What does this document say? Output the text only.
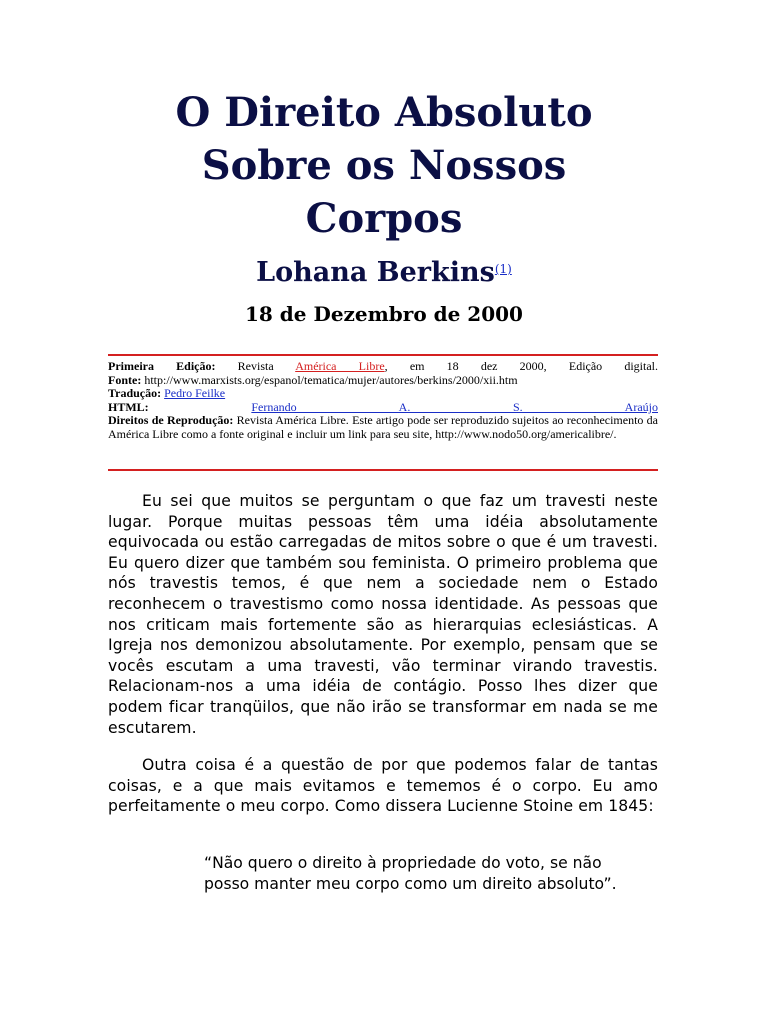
O Direito Absoluto
Sobre os Nossos
Corpos
Lohana Berkins$^{(1)}$
18 de Dezembro de 2000
Primeira Edição: Revista América Libre, em 18 dez 2000, Edição digital.
Fonte: http://www.marxists.org/espanol/tematica/mujer/autores/berkins/2000/xii.htm
Tradução: Pedro Feilke
HTML:	Fernando A. S. Araújo
Direitos de Reprodução: Revista América Libre. Este artigo pode ser reproduzido sujeitos ao reconhecimento da América Libre como a fonte original e incluir um link para seu site, http://www.nodo50.org/americalibre/.

Eu sei que muitos se perguntam o que faz um travesti neste lugar. Porque muitas pessoas têm uma idéia absolutamente equivocada ou estão carregadas de mitos sobre o que é um travesti. Eu quero dizer que também sou feminista. O primeiro problema que nós travestis temos, é que nem a sociedade nem o Estado reconhecem o travestismo como nossa identidade. As pessoas que nos criticam mais fortemente são as hierarquias eclesiásticas. A Igreja nos demonizou absolutamente. Por exemplo, pensam que se vocês escutam a uma travesti, vão terminar virando travestis. Relacionam-nos a uma idéia de contágio. Posso lhes dizer que podem ficar tranqüilos, que não irão se transformar em nada se me escutarem.

Outra coisa é a questão de por que podemos falar de tantas coisas, e a que mais evitamos e tememos é o corpo. Eu amo perfeitamente o meu corpo. Como dissera Lucienne Stoine em 1845:

“Não quero o direito à propriedade do voto, se não posso manter meu corpo como um direito absoluto”.
